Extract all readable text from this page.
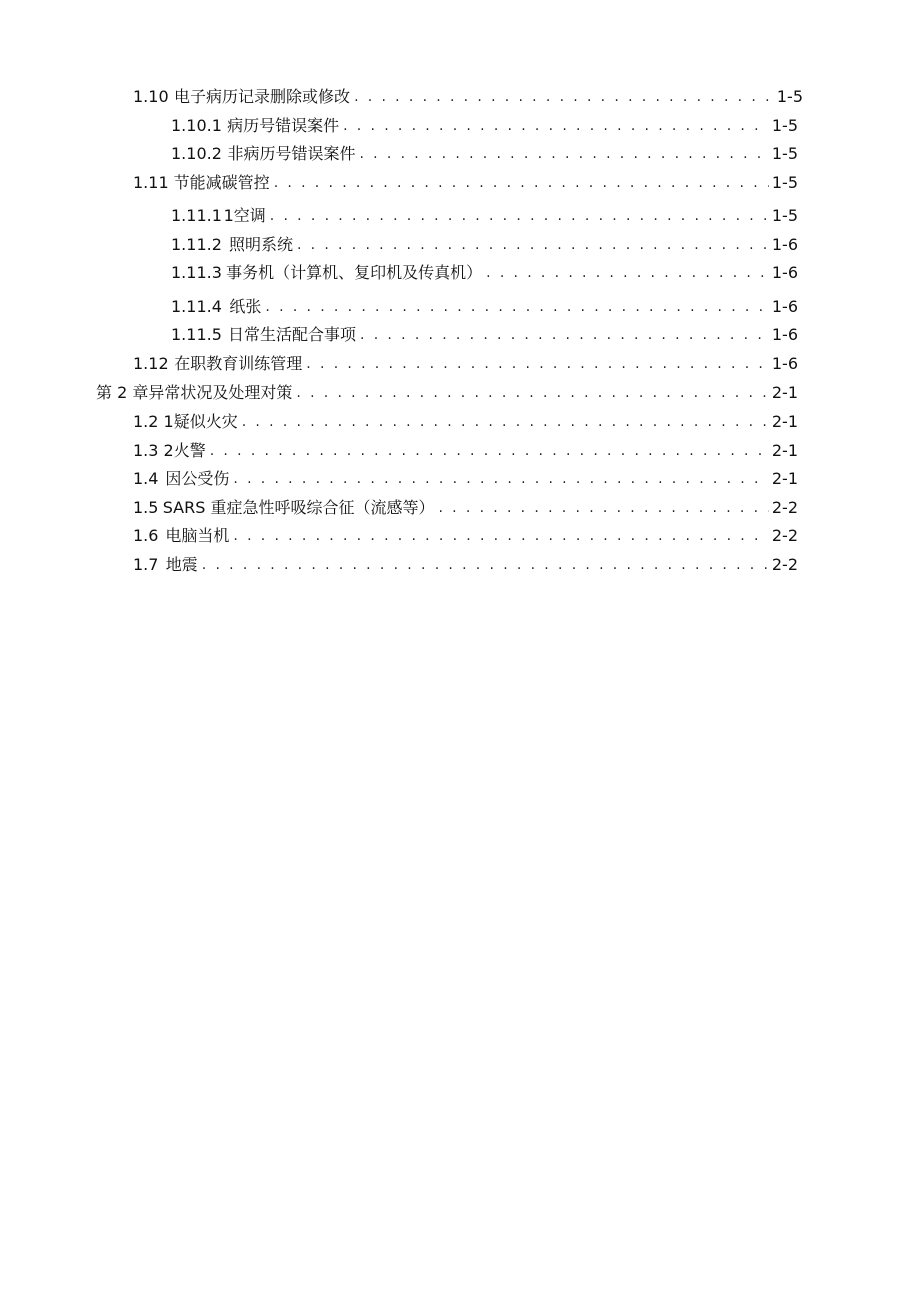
1.10 电子病历记录删除或修改 . . .	1-5
1.10.1 病历号错误案件 . . .	1-5
1.10.2 非病历号错误案件 . . .	1-5
1.11 节能减碳管控 . . .	1-5
1.11.1 1空调 . . .	1-5
1.11.2 照明系统 . . .	1-6
1.11.3 事务机（计算机、复印机及传真机） . . .	1-6
1.11.4 纸张 . . .	1-6
1.11.5 日常生活配合事项 . . .	1-6
1.12 在职教育训练管理 . . .	1-6
第 2 章 异常状况及处理对策 . . .	2-1
1.2 1 疑似火灾 . . .	2-1
1.3 2 火警 . . .	2-1
1.4 因公受伤 . . .	2-1
1.5 SARS 重症急性呼吸综合征（流感等） . . .	2-2
1.6 电脑当机 . . .	2-2
1.7 地震 . . .	2-2
